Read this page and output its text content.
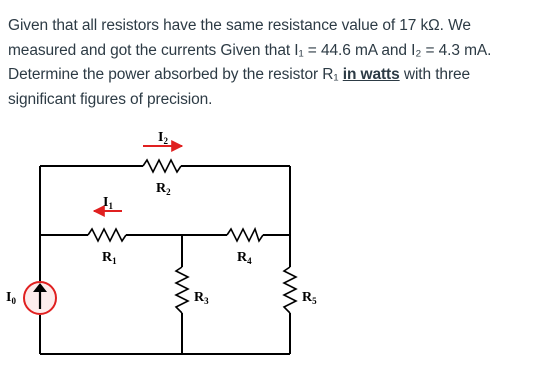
Given that all resistors have the same resistance value of 17 kΩ. We measured and got the currents Given that I₁ = 44.6 mA and I₂ = 4.3 mA. Determine the power absorbed by the resistor R₁ in watts with three significant figures of precision.

$I_2$
$R_2$
$I_1$
$R_1$	$R_4$
$I_0$	$R_3$	$R_5$
